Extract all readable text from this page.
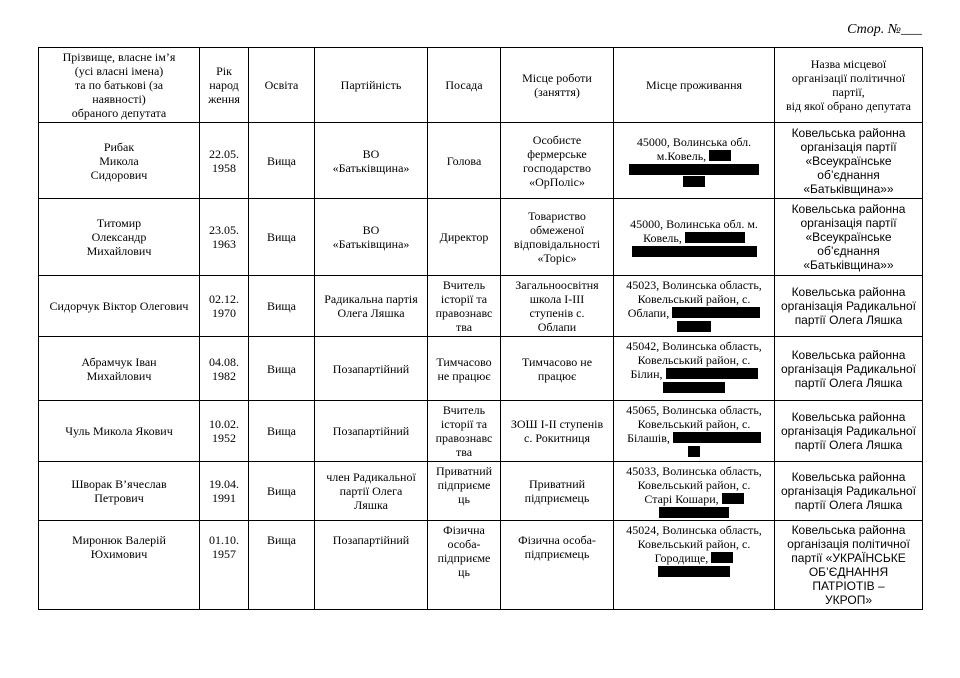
Стор. №___
Прізвище, власне ім’я
(усі власні імена)
та по батькові (за
наявності)
обраного депутата	Рік
народ
ження	Освіта	Партійність	Посада	Місце роботи
(заняття)	Місце проживання	Назва місцевої
організації політичної
партії,
від якої обрано депутата
Рибак
Микола
Сидорович	22.05.
1958	Вища	ВО
«Батьківщина»	Голова	Особисте
фермерське
господарство
«ОрПоліс»	45000, Волинська обл.
м.Ковель,	Ковельська районна
організація партії
«Всеукраїнське
об’єднання
«Батьківщина»»
Титомир
Олександр
Михайлович	23.05.
1963	Вища	ВО
«Батьківщина»	Директор	Товариство
обмеженої
відповідальності
«Торіс»	45000, Волинська обл. м.
Ковель,	Ковельська районна
організація партії
«Всеукраїнське
об’єднання
«Батьківщина»»
Сидорчук Віктор Олегович	02.12.
1970	Вища	Радикальна партія
Олега Ляшка	Вчитель
історії та
правознавс
тва	Загальноосвітня
школа І-ІІІ
ступенів с.
Облапи	45023, Волинська область,
Ковельський район, с.
Облапи,	Ковельська районна
організація Радикальної
партії Олега Ляшка
Абрамчук Іван
Михайлович	04.08.
1982	Вища	Позапартійний	Тимчасово
не працює	Тимчасово не
працює	45042, Волинська область,
Ковельський район, с.
Білин,	Ковельська районна
організація Радикальної
партії Олега Ляшка
Чуль Микола Якович	10.02.
1952	Вища	Позапартійний	Вчитель
історії та
правознавс
тва	ЗОШ І-ІІ ступенів
с. Рокитниця	45065, Волинська область,
Ковельський район, с.
Білашів,	Ковельська районна
організація Радикальної
партії Олега Ляшка
Шворак В’ячеслав
Петрович	19.04.
1991	Вища	член Радикальної
партії Олега
Ляшка	Приватний
підприємe
ць	Приватний
підприємець	45033, Волинська область,
Ковельський район, с.
Старі Кошари,	Ковельська районна
організація Радикальної
партії Олега Ляшка
Миронюк Валерій
Юхимович	01.10.
1957	Вища	Позапартійний	Фізична
особа-
підприємe
ць	Фізична особа-
підприємець	45024, Волинська область,
Ковельський район, с.
Городище,	Ковельська районна
організація політичної
партії «УКРАЇНСЬКЕ
ОБ’ЄДНАННЯ ПАТРІОТІВ –
УКРОП»
